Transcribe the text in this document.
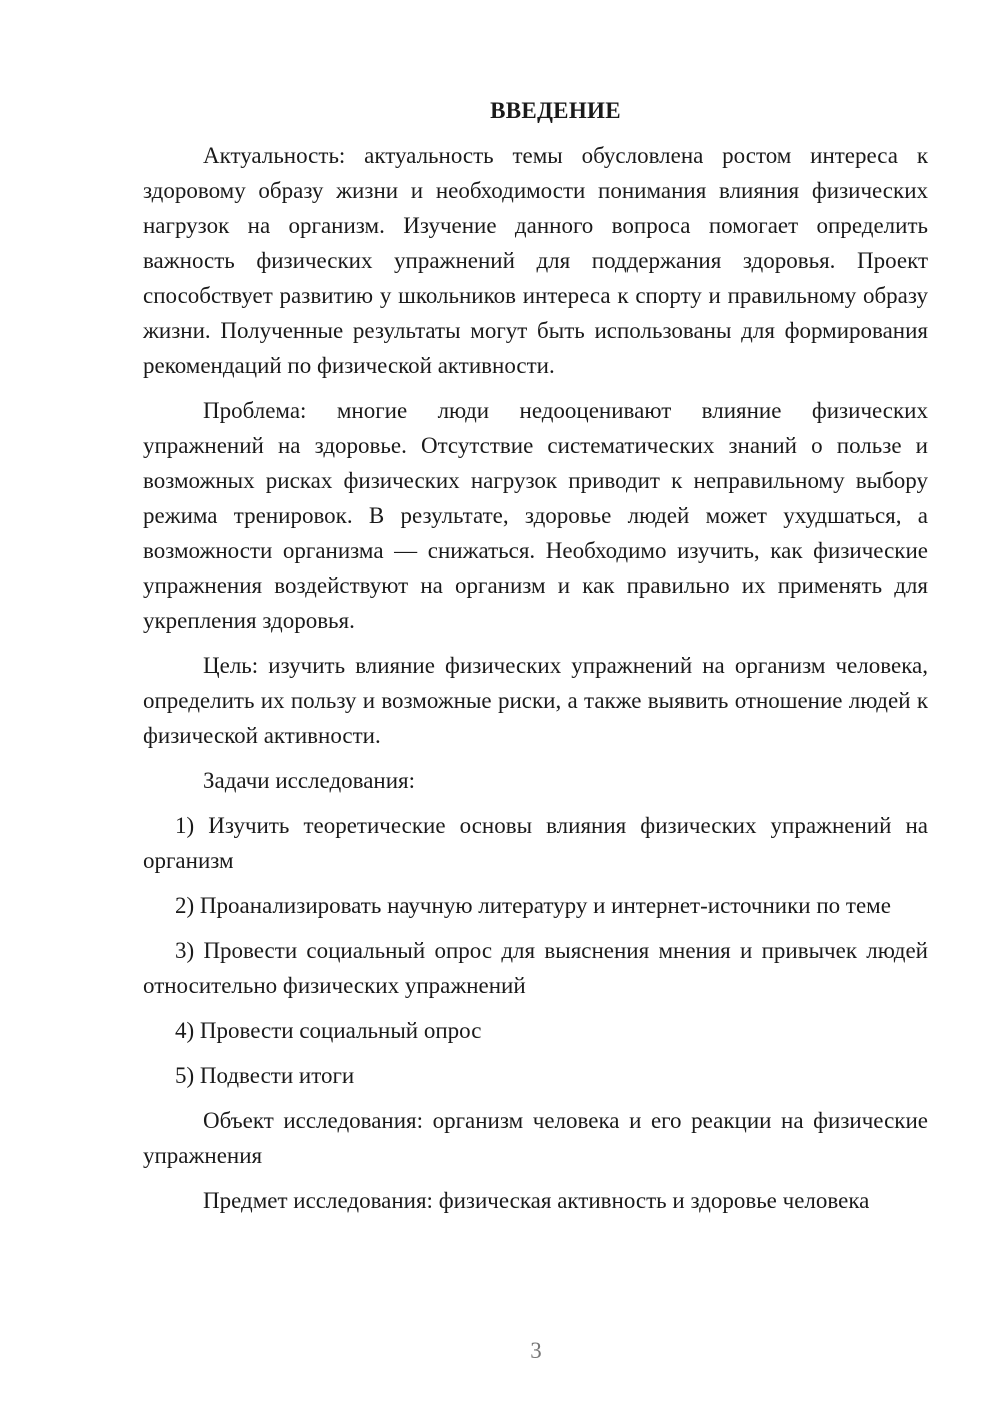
ВВЕДЕНИЕ

Актуальность: актуальность темы обусловлена ростом интереса к здоровому образу жизни и необходимости понимания влияния физических нагрузок на организм. Изучение данного вопроса помогает определить важность физических упражнений для поддержания здоровья. Проект способствует развитию у школьников интереса к спорту и правильному образу жизни. Полученные результаты могут быть использованы для формирования рекомендаций по физической активности.

Проблема: многие люди недооценивают влияние физических упражнений на здоровье. Отсутствие систематических знаний о пользе и возможных рисках физических нагрузок приводит к неправильному выбору режима тренировок. В результате, здоровье людей может ухудшаться, а возможности организма — снижаться. Необходимо изучить, как физические упражнения воздействуют на организм и как правильно их применять для укрепления здоровья.

Цель: изучить влияние физических упражнений на организм человека, определить их пользу и возможные риски, а также выявить отношение людей к физической активности.

Задачи исследования:

1) Изучить теоретические основы влияния физических упражнений на организм

2) Проанализировать научную литературу и интернет-источники по теме

3) Провести социальный опрос для выяснения мнения и привычек людей относительно физических упражнений

4) Провести социальный опрос

5) Подвести итоги

Объект исследования: организм человека и его реакции на физические упражнения

Предмет исследования: физическая активность и здоровье человека

3
